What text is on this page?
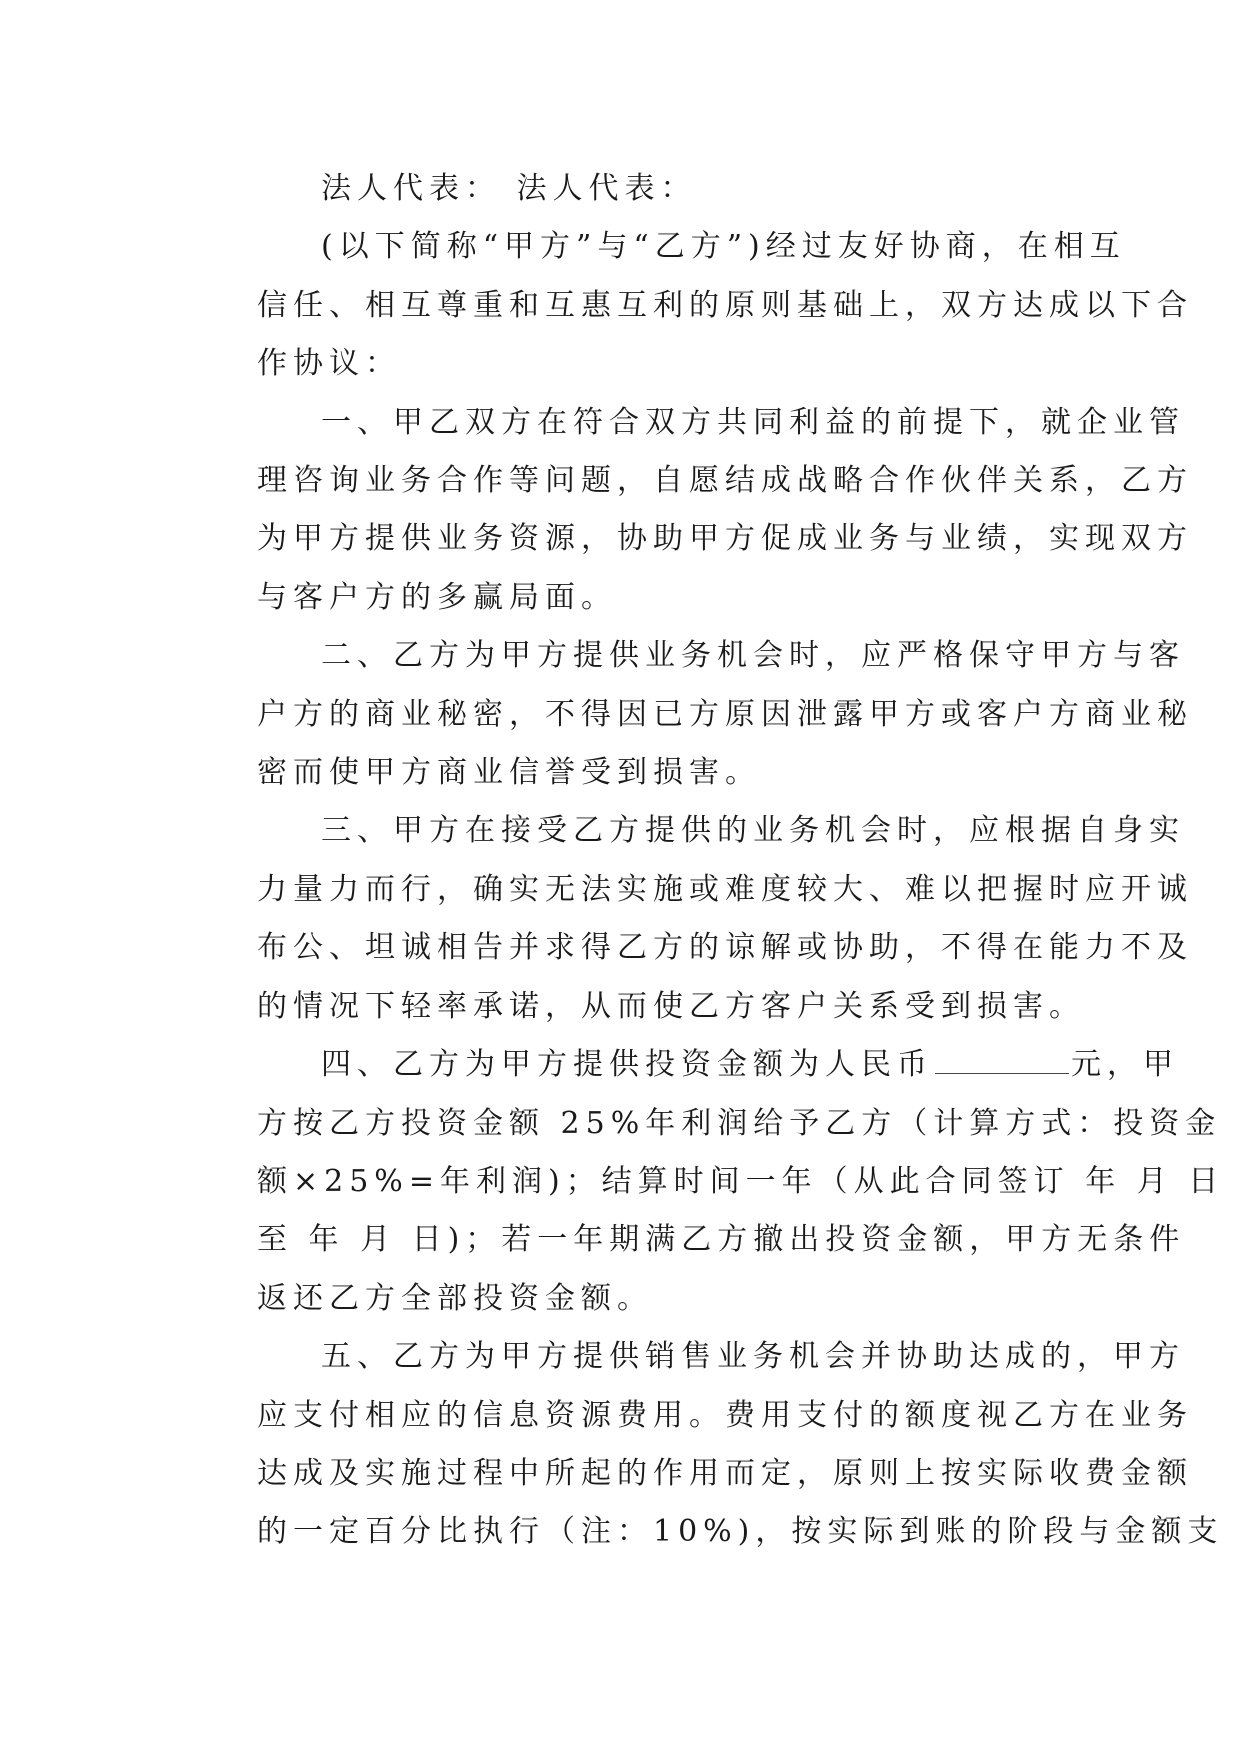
法人代表： 法人代表：

(以下简称“甲方”与“乙方”)经过友好协商，在相互
信任、相互尊重和互惠互利的原则基础上，双方达成以下合
作协议：

一、甲乙双方在符合双方共同利益的前提下，就企业管
理咨询业务合作等问题，自愿结成战略合作伙伴关系，乙方
为甲方提供业务资源，协助甲方促成业务与业绩，实现双方
与客户方的多赢局面。

二、乙方为甲方提供业务机会时，应严格保守甲方与客
户方的商业秘密，不得因已方原因泄露甲方或客户方商业秘
密而使甲方商业信誉受到损害。

三、甲方在接受乙方提供的业务机会时，应根据自身实
力量力而行，确实无法实施或难度较大、难以把握时应开诚
布公、坦诚相告并求得乙方的谅解或协助，不得在能力不及
的情况下轻率承诺，从而使乙方客户关系受到损害。

四、乙方为甲方提供投资金额为人民币	元，甲
方按乙方投资金额 25%年利润给予乙方（计算方式：投资金
额×25%=年利润)；结算时间一年（从此合同签订 年 月 日
至 年 月 日)；若一年期满乙方撤出投资金额，甲方无条件
返还乙方全部投资金额。

五、乙方为甲方提供销售业务机会并协助达成的，甲方
应支付相应的信息资源费用。费用支付的额度视乙方在业务
达成及实施过程中所起的作用而定，原则上按实际收费金额
的一定百分比执行（注：10%)，按实际到账的阶段与金额支
